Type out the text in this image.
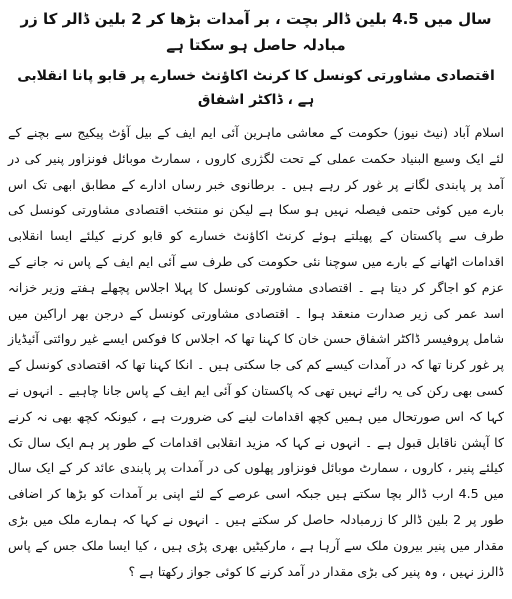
سال میں 4.5 بلین ڈالر بچت ، بر آمدات بڑھا کر 2 بلین ڈالر کا زر مبادلہ حاصل ہو سکتا ہے
اقتصادی مشاورتی کونسل کا کرنٹ اکاؤنٹ خسارے پر قابو پانا انقلابی ہے ، ڈاکٹر اشفاق

اسلام آباد (نیٹ نیوز) حکومت کے معاشی ماہرین آئی ایم ایف کے بیل آؤٹ پیکیج سے بچنے کے لئے ایک وسیع البنیاد حکمت عملی کے تحت لگژری کاروں ، سمارٹ موبائل فونزاور پنیر کی در آمد پر پابندی لگانے پر غور کر رہے ہیں ۔ برطانوی خبر رساں ادارے کے مطابق ابھی تک اس بارے میں کوئی حتمی فیصلہ نہیں ہو سکا ہے لیکن نو منتخب اقتصادی مشاورتی کونسل کی طرف سے پاکستان کے پھیلتے ہوئے کرنٹ اکاؤنٹ خسارے کو قابو کرنے کیلئے ایسا انقلابی اقدامات اٹھانے کے بارے میں سوچنا نئی حکومت کی طرف سے آئی ایم ایف کے پاس نہ جانے کے عزم کو اجاگر کر دیتا ہے ۔ اقتصادی مشاورتی کونسل کا پہلا اجلاس پچھلے ہفتے وزیر خزانہ اسد عمر کی زیر صدارت منعقد ہوا ۔ اقتصادی مشاورتی کونسل کے درجن بھر اراکین میں شامل پروفیسر ڈاکٹر اشفاق حسن خان کا کہنا تھا کہ اجلاس کا فوکس ایسے غیر روائتی آئیڈیاز پر غور کرنا تھا کہ در آمدات کیسے کم کی جا سکتی ہیں ۔ انکا کہنا تھا کہ اقتصادی کونسل کے کسی بھی رکن کی یہ رائے نہیں تھی کہ پاکستان کو آئی ایم ایف کے پاس جانا چاہیے ۔ انہوں نے کہا کہ اس صورتحال میں ہمیں کچھ اقدامات لینے کی ضرورت ہے ، کیونکہ کچھ بھی نہ کرنے کا آپشن ناقابل قبول ہے ۔ انہوں نے کہا کہ مزید انقلابی اقدامات کے طور پر ہم ایک سال تک کیلئے پنیر ، کاروں ، سمارٹ موبائل فونزاور پھلوں کی در آمدات پر پابندی عائد کر کے ایک سال میں 4.5 ارب ڈالر بچا سکتے ہیں جبکہ اسی عرصے کے لئے اپنی بر آمدات کو بڑھا کر اضافی طور پر 2 بلین ڈالر کا زرمبادلہ حاصل کر سکتے ہیں ۔ انہوں نے کہا کہ ہمارے ملک میں بڑی مقدار میں پنیر بیرون ملک سے آرہا ہے ، مارکیٹیں بھری پڑی ہیں ، کیا ایسا ملک جس کے پاس ڈالرز نہیں ، وہ پنیر کی بڑی مقدار در آمد کرنے کا کوئی جواز رکھتا ہے ؟
